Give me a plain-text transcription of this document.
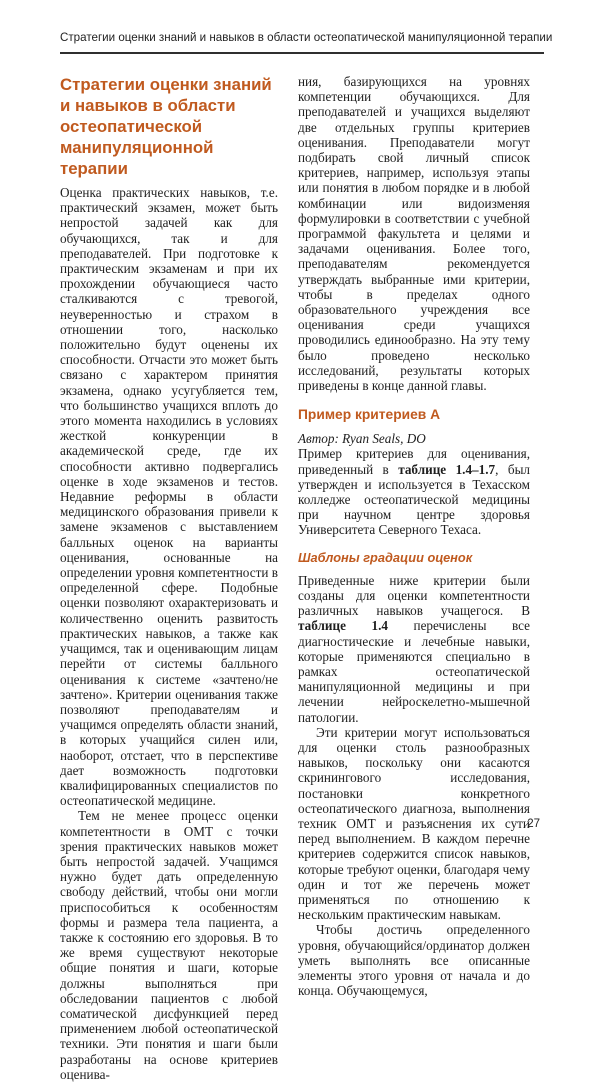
Стратегии оценки знаний и навыков в области остеопатической манипуляционной терапии
Стратегии оценки знаний и навыков в области остеопатической манипуляционной терапии

Оценка практических навыков, т.е. практический экзамен, может быть непростой задачей как для обучающихся, так и для преподавателей. При подготовке к практическим экзаменам и при их прохождении обучающиеся часто сталкиваются с тревогой, неуверенностью и страхом в отношении того, насколько положительно будут оценены их способности. Отчасти это может быть связано с характером принятия экзамена, однако усугубляется тем, что большинство учащихся вплоть до этого момента находились в условиях жесткой конкуренции в академической среде, где их способности активно подвергались оценке в ходе экзаменов и тестов. Недавние реформы в области медицинского образования привели к замене экзаменов с выставлением балльных оценок на варианты оценивания, основанные на определении уровня компетентности в определенной сфере. Подобные оценки позволяют охарактеризовать и количественно оценить развитость практических навыков, а также как учащимся, так и оценивающим лицам перейти от системы балльного оценивания к системе «зачтено/не зачтено». Критерии оценивания также позволяют преподавателям и учащимся определять области знаний, в которых учащийся силен или, наоборот, отстает, что в перспективе дает возможность подготовки квалифицированных специалистов по остеопатической медицине.

Тем не менее процесс оценки компетентности в ОМТ с точки зрения практических навыков может быть непростой задачей. Учащимся нужно будет дать определенную свободу действий, чтобы они могли приспособиться к особенностям формы и размера тела пациента, а также к состоянию его здоровья. В то же время существуют некоторые общие понятия и шаги, которые должны выполняться при обследовании пациентов с любой соматической дисфункцией перед применением любой остеопатической техники. Эти понятия и шаги были разработаны на основе критериев оценива-

ния, базирующихся на уровнях компетенции обучающихся. Для преподавателей и учащихся выделяют две отдельных группы критериев оценивания. Преподаватели могут подбирать свой личный список критериев, например, используя этапы или понятия в любом порядке и в любой комбинации или видоизменяя формулировки в соответствии с учебной программой факультета и целями и задачами оценивания. Более того, преподавателям рекомендуется утверждать выбранные ими критерии, чтобы в пределах одного образовательного учреждения все оценивания среди учащихся проводились единообразно. На эту тему было проведено несколько исследований, результаты которых приведены в конце данной главы.

Пример критериев А

Автор: Ryan Seals, DO

Пример критериев для оценивания, приведенный в таблице 1.4–1.7, был утвержден и используется в Техасском колледже остеопатической медицины при научном центре здоровья Университета Северного Техаса.

Шаблоны градации оценок

Приведенные ниже критерии были созданы для оценки компетентности различных навыков учащегося. В таблице 1.4 перечислены все диагностические и лечебные навыки, которые применяются специально в рамках остеопатической манипуляционной медицины и при лечении нейроскелетно-мышечной патологии.

Эти критерии могут использоваться для оценки столь разнообразных навыков, поскольку они касаются скринингового исследования, постановки конкретного остеопатического диагноза, выполнения техник ОМТ и разъяснения их сути перед выполнением. В каждом перечне критериев содержится список навыков, которые требуют оценки, благодаря чему один и тот же перечень может применяться по отношению к нескольким практическим навыкам.

Чтобы достичь определенного уровня, обучающийся/ординатор должен уметь выполнять все описанные элементы этого уровня от начала и до конца. Обучающемуся,

27
